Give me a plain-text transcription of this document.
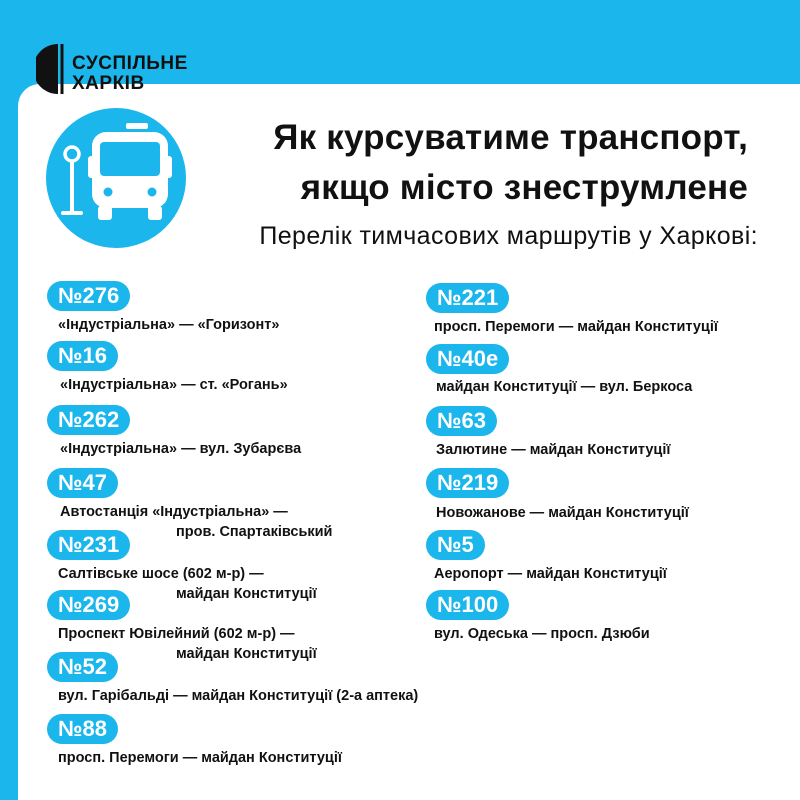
СУСПІЛЬНЕ
ХАРКІВ
Як курсуватиме транспорт,
якщо місто знеструмлене
Перелік тимчасових маршрутів у Харкові:
№276
«Індустріальна» — «Горизонт»
№16
«Індустріальна» — ст. «Рогань»
№262
«Індустріальна» — вул. Зубарєва
№47
Автостанція «Індустріальна» —
пров. Спартаківський
№231
Салтівське шосе (602 м-р) —
майдан Конституції
№269
Проспект Ювілейний (602 м-р) —
майдан Конституції
№52
вул. Гарібальді — майдан Конституції (2-а аптека)
№88
просп. Перемоги — майдан Конституції
№221
просп. Перемоги — майдан Конституції
№40е
майдан Конституції — вул. Беркоса
№63
Залютине — майдан Конституції
№219
Новожанове — майдан Конституції
№5
Аеропорт — майдан Конституції
№100
вул. Одеська — просп. Дзюби
